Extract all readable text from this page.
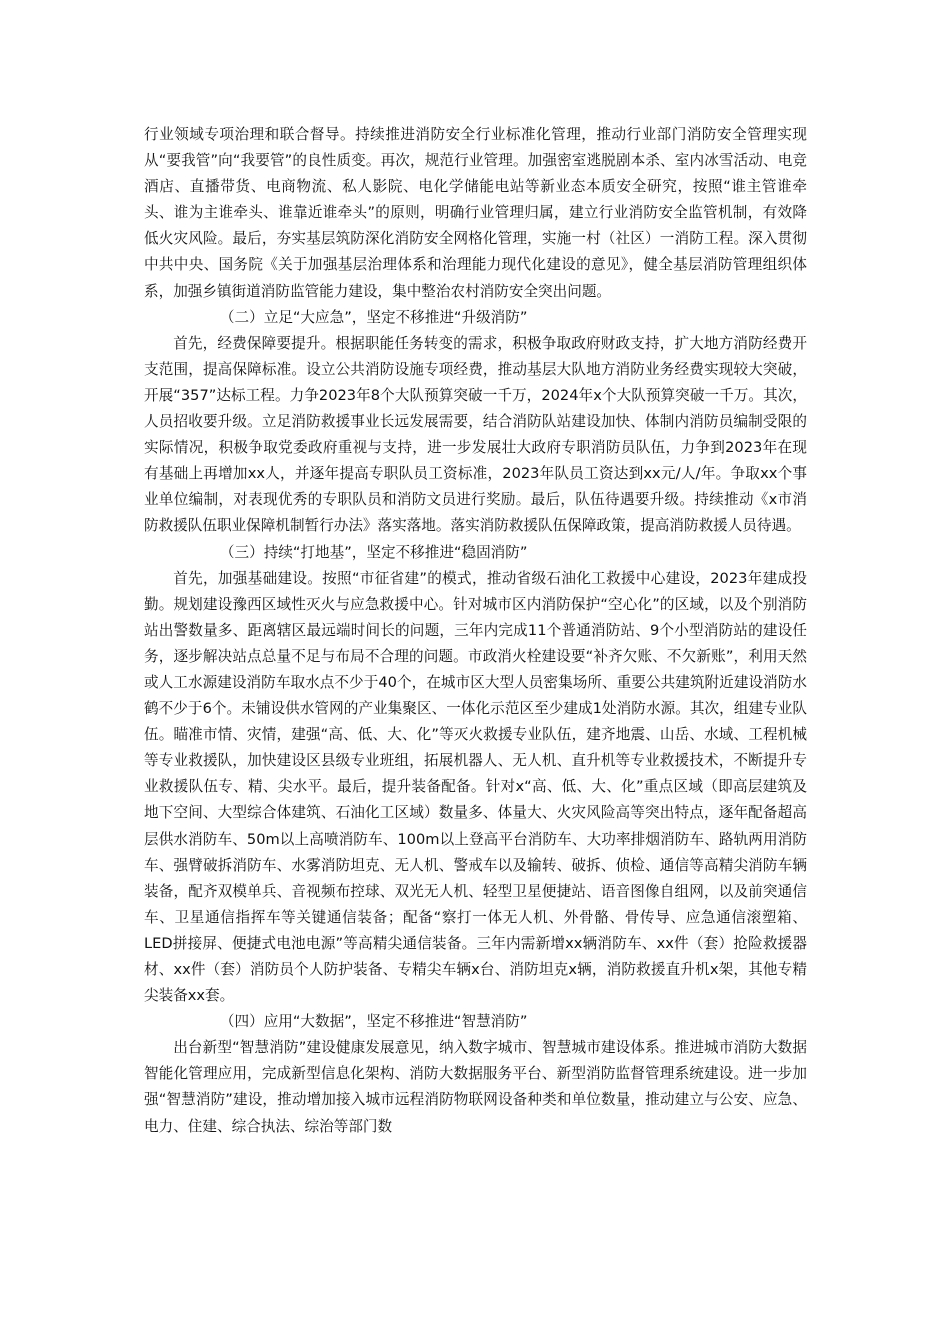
行业领域专项治理和联合督导。持续推进消防安全行业标准化管理，推动行业部门消防安全管理实现从“要我管”向“我要管”的良性质变。再次，规范行业管理。加强密室逃脱剧本杀、室内冰雪活动、电竞酒店、直播带货、电商物流、私人影院、电化学储能电站等新业态本质安全研究，按照“谁主管谁牵头、谁为主谁牵头、谁靠近谁牵头”的原则，明确行业管理归属，建立行业消防安全监管机制，有效降低火灾风险。最后，夯实基层筑防深化消防安全网格化管理，实施一村（社区）一消防工程。深入贯彻中共中央、国务院《关于加强基层治理体系和治理能力现代化建设的意见》，健全基层消防管理组织体系，加强乡镇街道消防监管能力建设，集中整治农村消防安全突出问题。

（二）立足“大应急”，坚定不移推进“升级消防”

首先，经费保障要提升。根据职能任务转变的需求，积极争取政府财政支持，扩大地方消防经费开支范围，提高保障标准。设立公共消防设施专项经费，推动基层大队地方消防业务经费实现较大突破，开展“357”达标工程。力争2023年8个大队预算突破一千万，2024年x个大队预算突破一千万。其次，人员招收要升级。立足消防救援事业长远发展需要，结合消防队站建设加快、体制内消防员编制受限的实际情况，积极争取党委政府重视与支持，进一步发展壮大政府专职消防员队伍，力争到2023年在现有基础上再增加xx人，并逐年提高专职队员工资标准，2023年队员工资达到xx元/人/年。争取xx个事业单位编制，对表现优秀的专职队员和消防文员进行奖励。最后，队伍待遇要升级。持续推动《x市消防救援队伍职业保障机制暂行办法》落实落地。落实消防救援队伍保障政策，提高消防救援人员待遇。

（三）持续“打地基”，坚定不移推进“稳固消防”

首先，加强基础建设。按照“市征省建”的模式，推动省级石油化工救援中心建设，2023年建成投勤。规划建设豫西区域性灭火与应急救援中心。针对城市区内消防保护“空心化”的区域，以及个别消防站出警数量多、距离辖区最远端时间长的问题，三年内完成11个普通消防站、9个小型消防站的建设任务，逐步解决站点总量不足与布局不合理的问题。市政消火栓建设要“补齐欠账、不欠新账”，利用天然或人工水源建设消防车取水点不少于40个，在城市区大型人员密集场所、重要公共建筑附近建设消防水鹤不少于6个。未铺设供水管网的产业集聚区、一体化示范区至少建成1处消防水源。其次，组建专业队伍。瞄准市情、灾情，建强“高、低、大、化”等灭火救援专业队伍，建齐地震、山岳、水域、工程机械等专业救援队，加快建设区县级专业班组，拓展机器人、无人机、直升机等专业救援技术，不断提升专业救援队伍专、精、尖水平。最后，提升装备配备。针对x“高、低、大、化”重点区域（即高层建筑及地下空间、大型综合体建筑、石油化工区域）数量多、体量大、火灾风险高等突出特点，逐年配备超高层供水消防车、50m以上高喷消防车、100m以上登高平台消防车、大功率排烟消防车、路轨两用消防车、强臂破拆消防车、水雾消防坦克、无人机、警戒车以及输转、破拆、侦检、通信等高精尖消防车辆装备，配齐双模单兵、音视频布控球、双光无人机、轻型卫星便捷站、语音图像自组网，以及前突通信车、卫星通信指挥车等关键通信装备；配备“察打一体无人机、外骨骼、骨传导、应急通信滚塑箱、LED拼接屏、便捷式电池电源”等高精尖通信装备。三年内需新增xx辆消防车、xx件（套）抢险救援器材、xx件（套）消防员个人防护装备、专精尖车辆x台、消防坦克x辆，消防救援直升机x架，其他专精尖装备xx套。

（四）应用“大数据”，坚定不移推进“智慧消防”

出台新型“智慧消防”建设健康发展意见，纳入数字城市、智慧城市建设体系。推进城市消防大数据智能化管理应用，完成新型信息化架构、消防大数据服务平台、新型消防监督管理系统建设。进一步加强“智慧消防”建设，推动增加接入城市远程消防物联网设备种类和单位数量，推动建立与公安、应急、电力、住建、综合执法、综治等部门数
